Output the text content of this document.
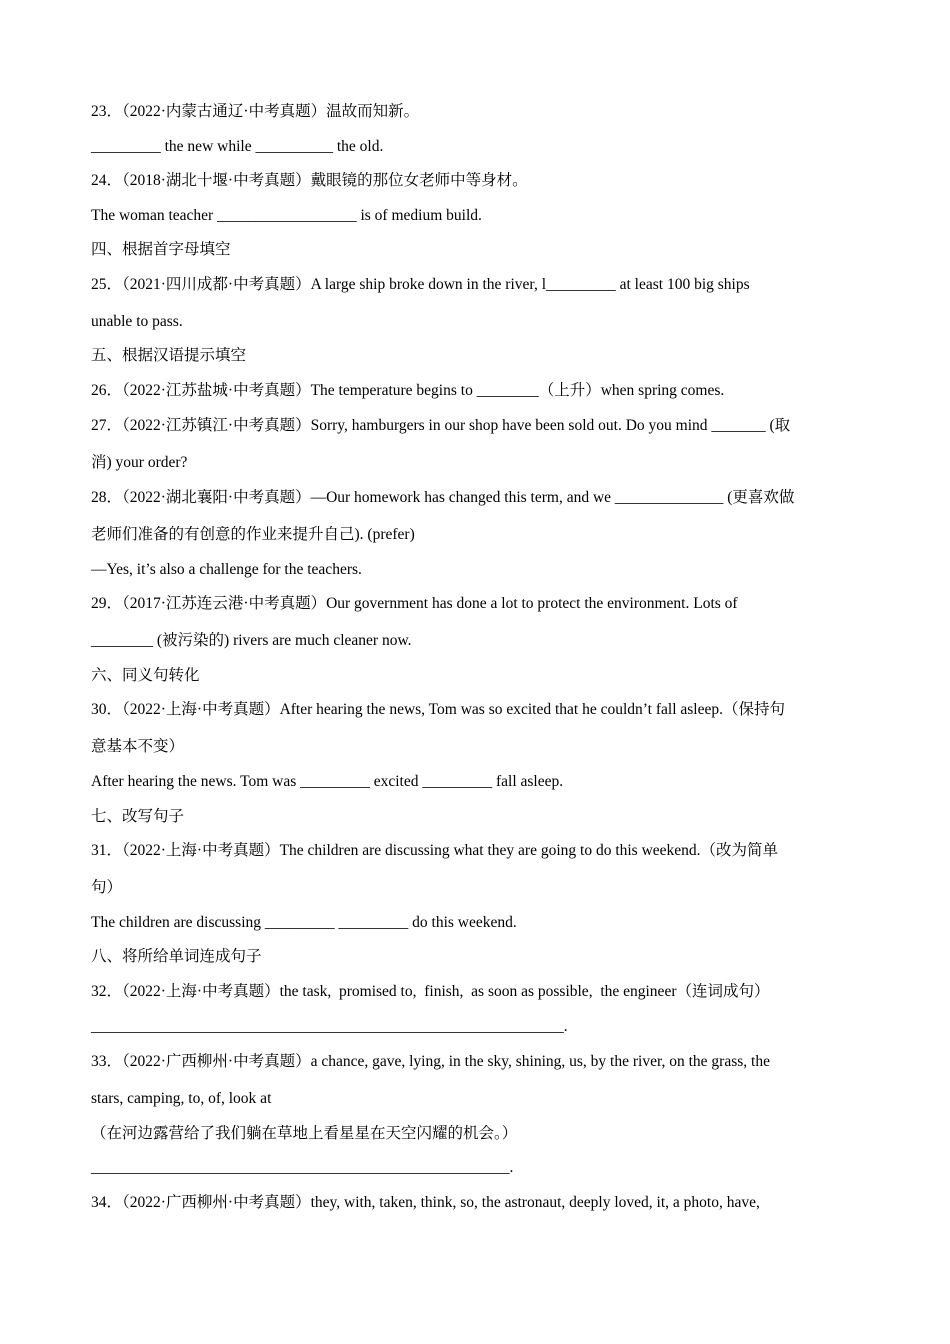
23．（2022·内蒙古通辽·中考真题）温故而知新。
_________ the new while __________ the old.
24．（2018·湖北十堰·中考真题）戴眼镜的那位女老师中等身材。
The woman teacher __________________ is of medium build.
四、根据首字母填空
25．（2021·四川成都·中考真题）A large ship broke down in the river, l_________ at least 100 big ships
unable to pass.
五、根据汉语提示填空
26．（2022·江苏盐城·中考真题）The temperature begins to ________（上升）when spring comes.
27．（2022·江苏镇江·中考真题）Sorry, hamburgers in our shop have been sold out. Do you mind _______ (取
消) your order?
28．（2022·湖北襄阳·中考真题）—Our homework has changed this term, and we ______________ (更喜欢做
老师们准备的有创意的作业来提升自己). (prefer)
—Yes, it’s also a challenge for the teachers.
29．（2017·江苏连云港·中考真题）Our government has done a lot to protect the environment. Lots of
________ (被污染的) rivers are much cleaner now.
六、同义句转化
30．（2022·上海·中考真题）After hearing the news, Tom was so excited that he couldn’t fall asleep.（保持句
意基本不变）
After hearing the news. Tom was _________ excited _________ fall asleep.
七、改写句子
31．（2022·上海·中考真题）The children are discussing what they are going to do this weekend.（改为简单
句）
The children are discussing _________ _________ do this weekend.
八、将所给单词连成句子
32．（2022·上海·中考真题）the task,  promised to,  finish,  as soon as possible,  the engineer（连词成句）
_____________________________________________________________.
33．（2022·广西柳州·中考真题）a chance, gave, lying, in the sky, shining, us, by the river, on the grass, the
stars, camping, to, of, look at
（在河边露营给了我们躺在草地上看星星在天空闪耀的机会。）
______________________________________________________.
34．（2022·广西柳州·中考真题）they, with, taken, think, so, the astronaut, deeply loved, it, a photo, have,
